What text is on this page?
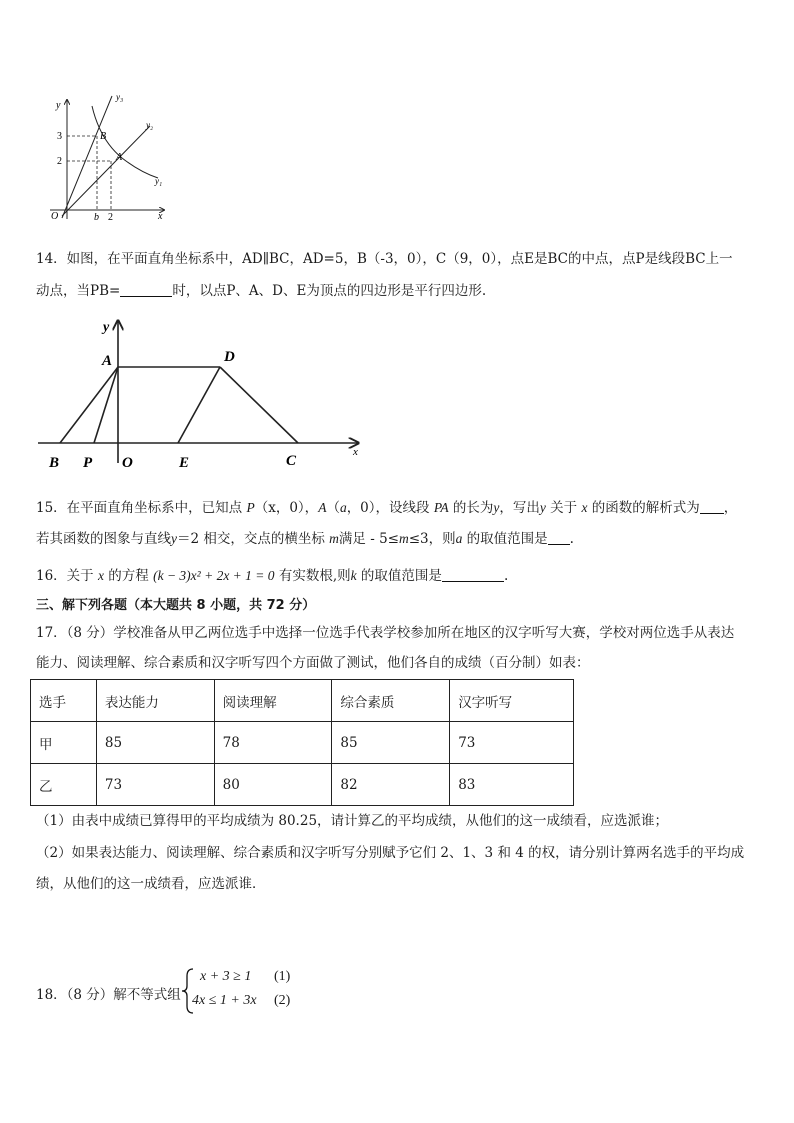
y
x
O
y₃
y₂
y₁
B
A
3
2
b 2
14．如图，在平面直角坐标系中，AD∥BC，AD=5，B（-3，0），C（9，0），点E是BC的中点，点P是线段BC上一
动点，当PB=	时，以点P、A、D、E为顶点的四边形是平行四边形.
y
x
A	D
B P O	E	C
15．在平面直角坐标系中，已知点 P（x，0），A（a，0），设线段 PA 的长为y，写出y 关于 x 的函数的解析式为 ，
若其函数的图象与直线y＝2 相交，交点的横坐标 m满足 - 5≤m≤3，则a 的取值范围是 .
16．关于 x 的方程 (k − 3)x² + 2x + 1 = 0 有实数根,则k 的取值范围是	.
三、解下列各题（本大题共 8 小题，共 72 分）
17．（8 分）学校准备从甲乙两位选手中选择一位选手代表学校参加所在地区的汉字听写大赛，学校对两位选手从表达
能力、阅读理解、综合素质和汉字听写四个方面做了测试，他们各自的成绩（百分制）如表：
选手	表达能力	阅读理解	综合素质	汉字听写
甲	85	78	85	73
乙	73	80	82	83
（1）由表中成绩已算得甲的平均成绩为 80.25，请计算乙的平均成绩，从他们的这一成绩看，应选派谁；
（2）如果表达能力、阅读理解、综合素质和汉字听写分别赋予它们 2、1、3 和 4 的权，请分别计算两名选手的平均成
绩，从他们的这一成绩看，应选派谁．
18．（8 分）解不等式组
x + 3 ≥ 1 (1)
4x ≤ 1 + 3x (2)
